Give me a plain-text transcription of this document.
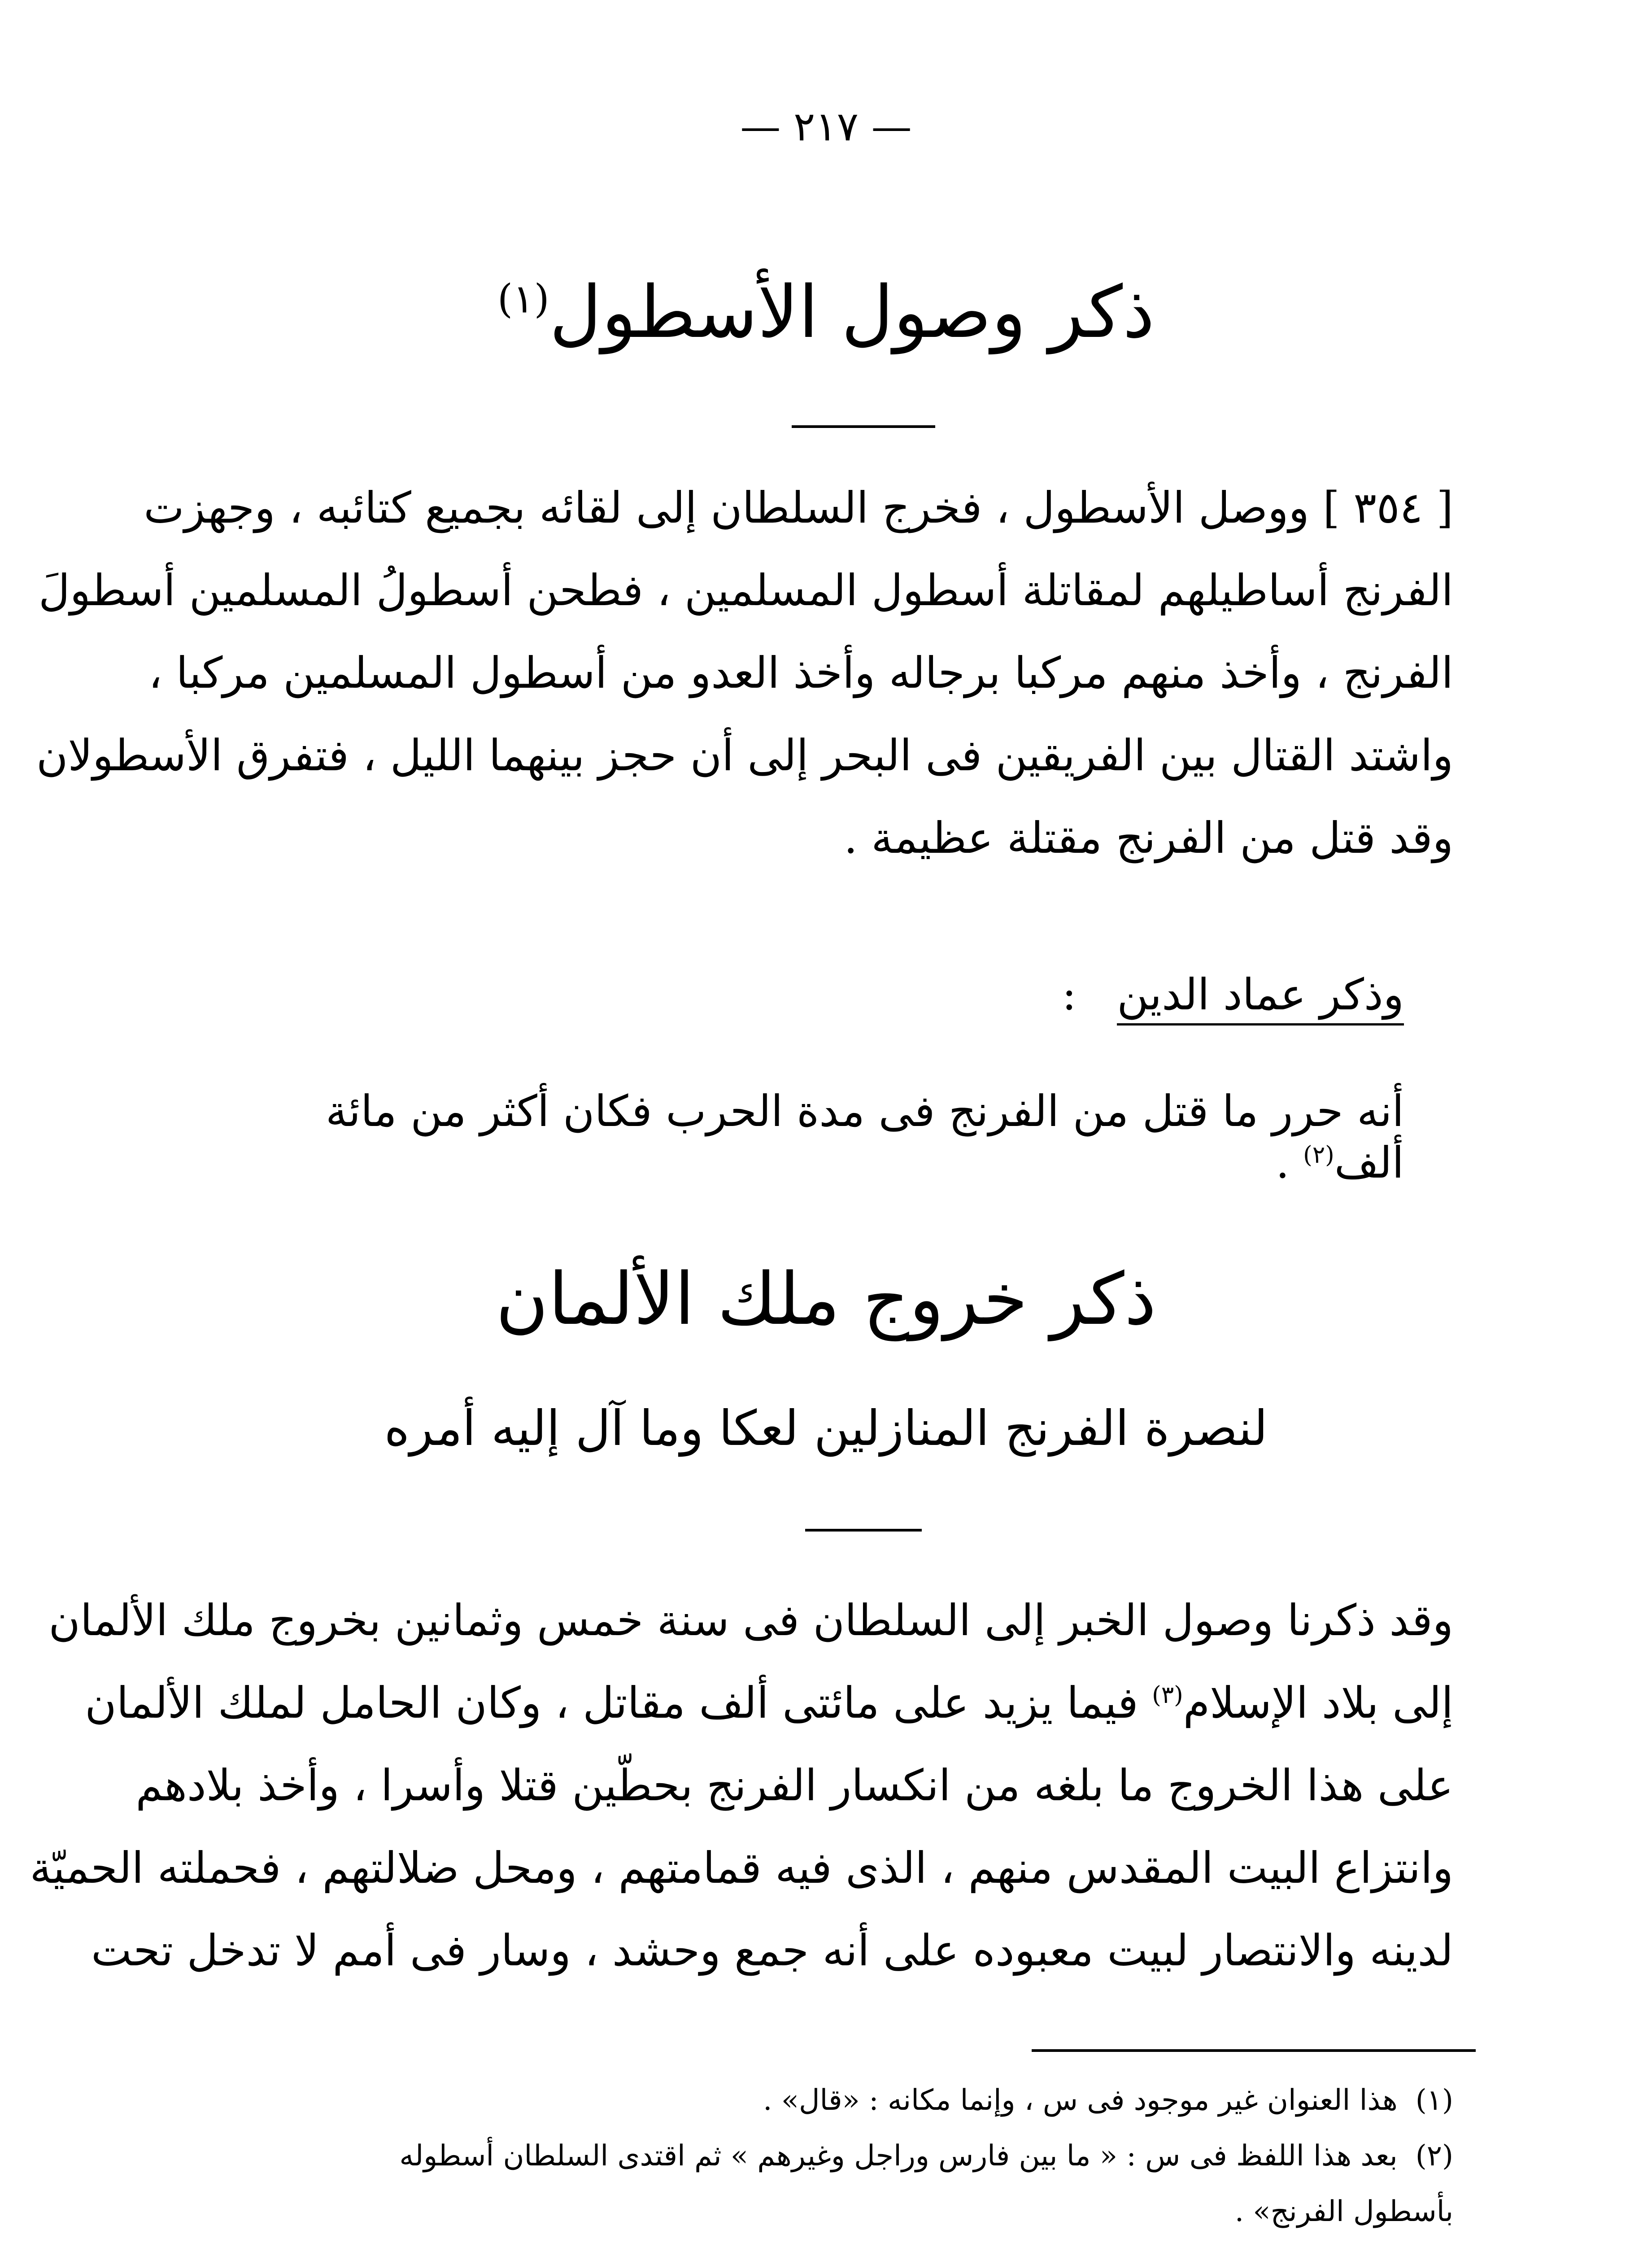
— ٢١٧ —
ذكر وصول الأسطول$^{(١)}$
[ ٣٥٤ ] ووصل الأسطول ، فخرج السلطان إلى لقائه بجميع كتائبه ، وجهزت
الفرنج أساطيلهم لمقاتلة أسطول المسلمين ، فطحن أسطولُ المسلمين أسطولَ
الفرنج ، وأخذ منهم مركبا برجاله وأخذ العدو من أسطول المسلمين مركبا ،
واشتد القتال بين الفريقين فى البحر إلى أن حجز بينهما الليل ، فتفرق الأسطولان
وقد قتل من الفرنج مقتلة عظيمة .
وذكر عماد الدين :
أنه حرر ما قتل من الفرنج فى مدة الحرب فكان أكثر من مائة ألف$^{(٢)}$ .
ذكر خروج ملك الألمان
لنصرة الفرنج المنازلين لعكا وما آل إليه أمره
وقد ذكرنا وصول الخبر إلى السلطان فى سنة خمس وثمانين بخروج ملك الألمان
إلى بلاد الإسلام$^{(٣)}$ فيما يزيد على مائتى ألف مقاتل ، وكان الحامل لملك الألمان
على هذا الخروج ما بلغه من انكسار الفرنج بحطّين قتلا وأسرا ، وأخذ بلادهم
وانتزاع البيت المقدس منهم ، الذى فيه قمامتهم ، ومحل ضلالتهم ، فحملته الحميّة
لدينه والانتصار لبيت معبوده على أنه جمع وحشد ، وسار فى أمم لا تدخل تحت
(١)هذا العنوان غير موجود فى س ، وإنما مكانه : «قال» .
(٢)بعد هذا اللفظ فى س : « ما بين فارس وراجل وغيرهم » ثم اقتدى السلطان أسطوله
بأسطول الفرنج» .
